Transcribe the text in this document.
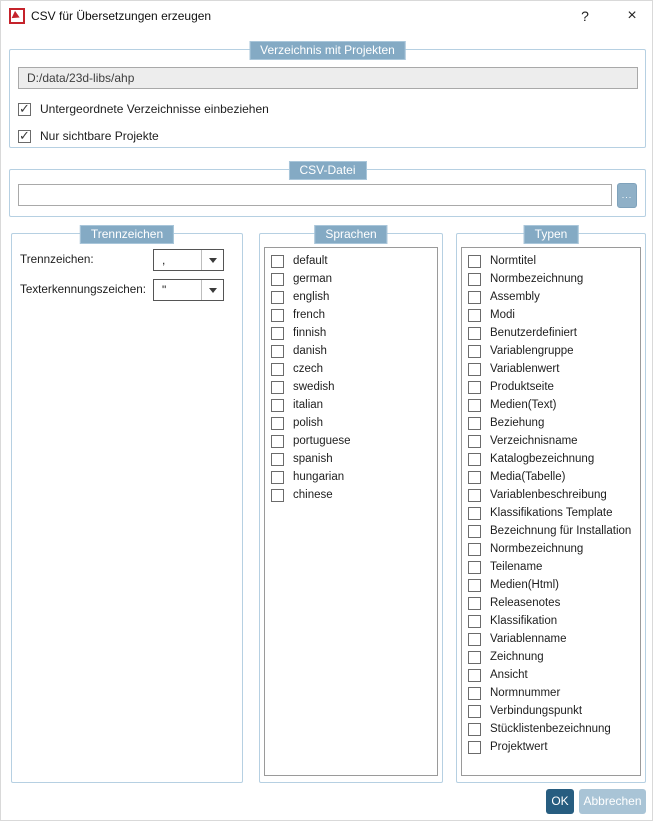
CSV für Übersetzungen erzeugen	?	×
Verzeichnis mit Projekten
D:/data/23d-libs/ahp
✓
Untergeordnete Verzeichnisse einbeziehen
✓
Nur sichtbare Projekte
CSV-Datei
...
Trennzeichen
Trennzeichen:	,
Texterkennungszeichen:	"
Sprachen
default
german
english
french
finnish
danish
czech
swedish
italian
polish
portuguese
spanish
hungarian
chinese
Typen
Normtitel
Normbezeichnung
Assembly
Modi
Benutzerdefiniert
Variablengruppe
Variablenwert
Produktseite
Medien(Text)
Beziehung
Verzeichnisname
Katalogbezeichnung
Media(Tabelle)
Variablenbeschreibung
Klassifikations Template
Bezeichnung für Installation
Normbezeichnung
Teilename
Medien(Html)
Releasenotes
Klassifikation
Variablenname
Zeichnung
Ansicht
Normnummer
Verbindungspunkt
Stücklistenbezeichnung
Projektwert
OK	Abbrechen
